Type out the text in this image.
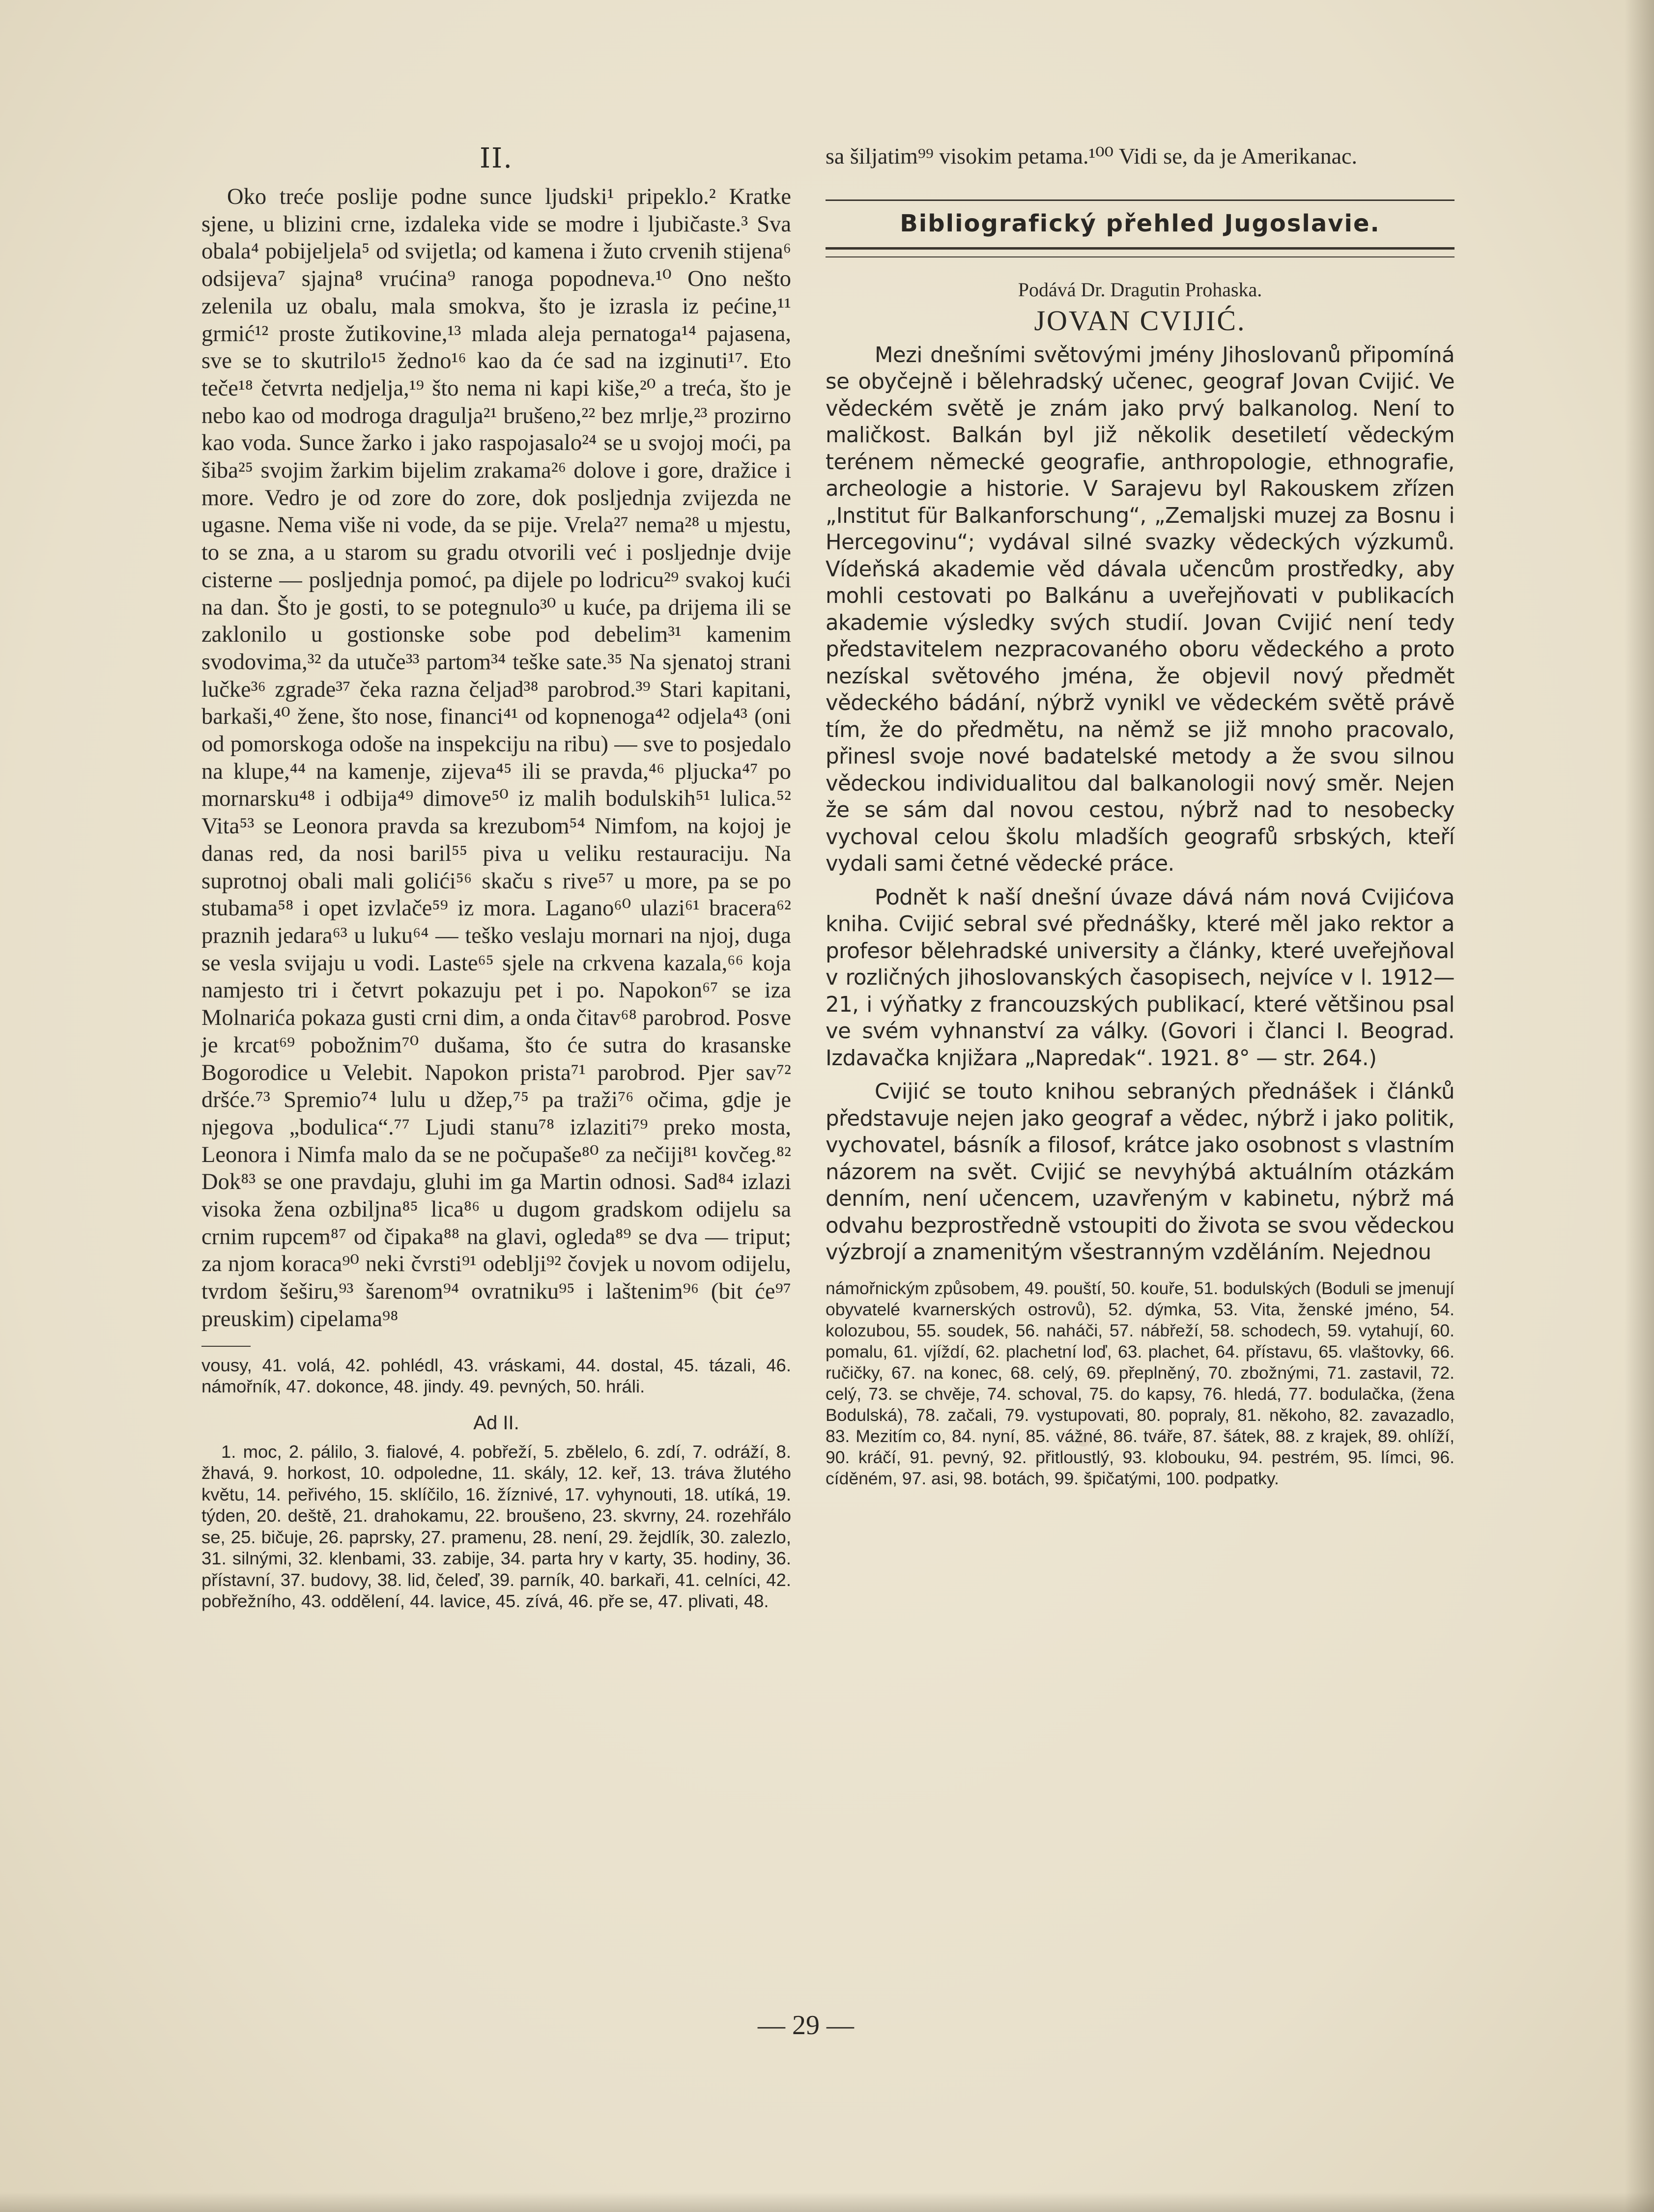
II.

Oko treće poslije podne sunce ljudski¹ pripeklo.² Kratke sjene, u blizini crne, izdaleka vide se modre i ljubičaste.³ Sva obala⁴ pobijeljela⁵ od svijetla; od kamena i žuto crvenih stijena⁶ odsijeva⁷ sjajna⁸ vrućina⁹ ranoga popodneva.¹⁰ Ono nešto zelenila uz obalu, mala smokva, što je izrasla iz pećine,¹¹ grmić¹² proste žutikovine,¹³ mlada aleja pernatoga¹⁴ pajasena, sve se to skutrilo¹⁵ žedno¹⁶ kao da će sad na izginuti¹⁷. Eto teče¹⁸ četvrta nedjelja,¹⁹ što nema ni kapi kiše,²⁰ a treća, što je nebo kao od modroga dragulja²¹ brušeno,²² bez mrlje,²³ prozirno kao voda. Sunce žarko i jako raspojasalo²⁴ se u svojoj moći, pa šiba²⁵ svojim žarkim bijelim zrakama²⁶ dolove i gore, dražice i more. Vedro je od zore do zore, dok posljednja zvijezda ne ugasne. Nema više ni vode, da se pije. Vrela²⁷ nema²⁸ u mjestu, to se zna, a u starom su gradu otvorili već i posljednje dvije cisterne — posljednja pomoć, pa dijele po lodricu²⁹ svakoj kući na dan. Što je gosti, to se potegnulo³⁰ u kuće, pa drijema ili se zaklonilo u gostionske sobe pod debelim³¹ kamenim svodovima,³² da utuče³³ partom³⁴ teške sate.³⁵ Na sjenatoj strani lučke³⁶ zgrade³⁷ čeka razna čeljad³⁸ parobrod.³⁹ Stari kapitani, barkaši,⁴⁰ žene, što nose, financi⁴¹ od kopnenoga⁴² odjela⁴³ (oni od pomorskoga odoše na inspekciju na ribu) — sve to posjedalo na klupe,⁴⁴ na kamenje, zijeva⁴⁵ ili se pravda,⁴⁶ pljucka⁴⁷ po mornarsku⁴⁸ i odbija⁴⁹ dimove⁵⁰ iz malih bodulskih⁵¹ lulica.⁵² Vita⁵³ se Leonora pravda sa krezubom⁵⁴ Nimfom, na kojoj je danas red, da nosi baril⁵⁵ piva u veliku restauraciju. Na suprotnoj obali mali golići⁵⁶ skaču s rive⁵⁷ u more, pa se po stubama⁵⁸ i opet izvlače⁵⁹ iz mora. Lagano⁶⁰ ulazi⁶¹ bracera⁶² praznih jedara⁶³ u luku⁶⁴ — teško veslaju mornari na njoj, duga se vesla svijaju u vodi. Laste⁶⁵ sjele na crkvena kazala,⁶⁶ koja namjesto tri i četvrt pokazuju pet i po. Napokon⁶⁷ se iza Molnarića pokaza gusti crni dim, a onda čitav⁶⁸ parobrod. Posve je krcat⁶⁹ pobožnim⁷⁰ dušama, što će sutra do krasanske Bogorodice u Velebit. Napokon prista⁷¹ parobrod. Pjer sav⁷² dršće.⁷³ Spremio⁷⁴ lulu u džep,⁷⁵ pa traži⁷⁶ očima, gdje je njegova „bodulica“.⁷⁷ Ljudi stanu⁷⁸ izlaziti⁷⁹ preko mosta, Leonora i Nimfa malo da se ne počupaše⁸⁰ za nečiji⁸¹ kovčeg.⁸² Dok⁸³ se one pravdaju, gluhi im ga Martin odnosi. Sad⁸⁴ izlazi visoka žena ozbiljna⁸⁵ lica⁸⁶ u dugom gradskom odijelu sa crnim rupcem⁸⁷ od čipaka⁸⁸ na glavi, ogleda⁸⁹ se dva — triput; za njom koraca⁹⁰ neki čvrsti⁹¹ odeblji⁹² čovjek u novom odijelu, tvrdom šeširu,⁹³ šarenom⁹⁴ ovratniku⁹⁵ i laštenim⁹⁶ (bit će⁹⁷ preuskim) cipelama⁹⁸

vousy, 41. volá, 42. pohlédl, 43. vráskami, 44. dostal, 45. tázali, 46. námořník, 47. dokonce, 48. jindy. 49. pevných, 50. hráli.

Ad II.

1. moc, 2. pálilo, 3. fialové, 4. pobřeží, 5. zbělelo, 6. zdí, 7. odráží, 8. žhavá, 9. horkost, 10. odpoledne, 11. skály, 12. keř, 13. tráva žlutého květu, 14. peřivého, 15. sklíčilo, 16. žíznivé, 17. vyhynouti, 18. utíká, 19. týden, 20. deště, 21. drahokamu, 22. broušeno, 23. skvrny, 24. rozehřálo se, 25. bičuje, 26. paprsky, 27. pramenu, 28. není, 29. žejdlík, 30. zalezlo, 31. silnými, 32. klenbami, 33. zabije, 34. parta hry v karty, 35. hodiny, 36. přístavní, 37. budovy, 38. lid, čeleď, 39. parník, 40. barkaři, 41. celníci, 42. pobřežního, 43. oddělení, 44. lavice, 45. zívá, 46. pře se, 47. plivati, 48.

sa šiljatim⁹⁹ visokim petama.¹⁰⁰ Vidi se, da je Amerikanac.

Bibliografický přehled Jugoslavie.
Podává Dr. Dragutin Prohaska.
JOVAN CVIJIĆ.

Mezi dnešními světovými jmény Jihoslovanů připomíná se obyčejně i bělehradský učenec, geograf Jovan Cvijić. Ve vědeckém světě je znám jako prvý balkanolog. Není to maličkost. Balkán byl již několik desetiletí vědeckým terénem německé geografie, anthropologie, ethnografie, archeologie a historie. V Sarajevu byl Rakouskem zřízen „Institut für Balkanforschung“, „Zemaljski muzej za Bosnu i Hercegovinu“; vydával silné svazky vědeckých výzkumů. Vídeňská akademie věd dávala učencům prostředky, aby mohli cestovati po Balkánu a uveřejňovati v publikacích akademie výsledky svých studií. Jovan Cvijić není tedy představitelem nezpracovaného oboru vědeckého a proto nezískal světového jména, že objevil nový předmět vědeckého bádání, nýbrž vynikl ve vědeckém světě právě tím, že do předmětu, na němž se již mnoho pracovalo, přinesl svoje nové badatelské metody a že svou silnou vědeckou individualitou dal balkanologii nový směr. Nejen že se sám dal novou cestou, nýbrž nad to nesobecky vychoval celou školu mladších geografů srbských, kteří vydali sami četné vědecké práce.

Podnět k naší dnešní úvaze dává nám nová Cvijićova kniha. Cvijić sebral své přednášky, které měl jako rektor a profesor bělehradské university a články, které uveřejňoval v rozličných jihoslovanských časopisech, nejvíce v l. 1912—21, i výňatky z francouzských publikací, které většinou psal ve svém vyhnanství za války. (Govori i članci I. Beograd. Izdavačka knjižara „Napredak“. 1921. 8° — str. 264.)

Cvijić se touto knihou sebraných přednášek i článků představuje nejen jako geograf a vědec, nýbrž i jako politik, vychovatel, básník a filosof, krátce jako osobnost s vlastním názorem na svět. Cvijić se nevyhýbá aktuálním otázkám denním, není učencem, uzavřeným v kabinetu, nýbrž má odvahu bezprostředně vstoupiti do života se svou vědeckou výzbrojí a znamenitým všestranným vzděláním. Nejednou

námořnickým způsobem, 49. pouští, 50. kouře, 51. bodulských (Boduli se jmenují obyvatelé kvarnerských ostrovů), 52. dýmka, 53. Vita, ženské jméno, 54. kolozubou, 55. soudek, 56. naháči, 57. nábřeží, 58. schodech, 59. vytahují, 60. pomalu, 61. vjíždí, 62. plachetní loď, 63. plachet, 64. přístavu, 65. vlaštovky, 66. ručičky, 67. na konec, 68. celý, 69. přeplněný, 70. zbožnými, 71. zastavil, 72. celý, 73. se chvěje, 74. schoval, 75. do kapsy, 76. hledá, 77. bodulačka, (žena Bodulská), 78. začali, 79. vystupovati, 80. popraly, 81. někoho, 82. zavazadlo, 83. Mezitím co, 84. nyní, 85. vážné, 86. tváře, 87. šátek, 88. z krajek, 89. ohlíží, 90. kráčí, 91. pevný, 92. přitloustlý, 93. klobouku, 94. pestrém, 95. límci, 96. cíděném, 97. asi, 98. botách, 99. špičatými, 100. podpatky.

— 29 —
